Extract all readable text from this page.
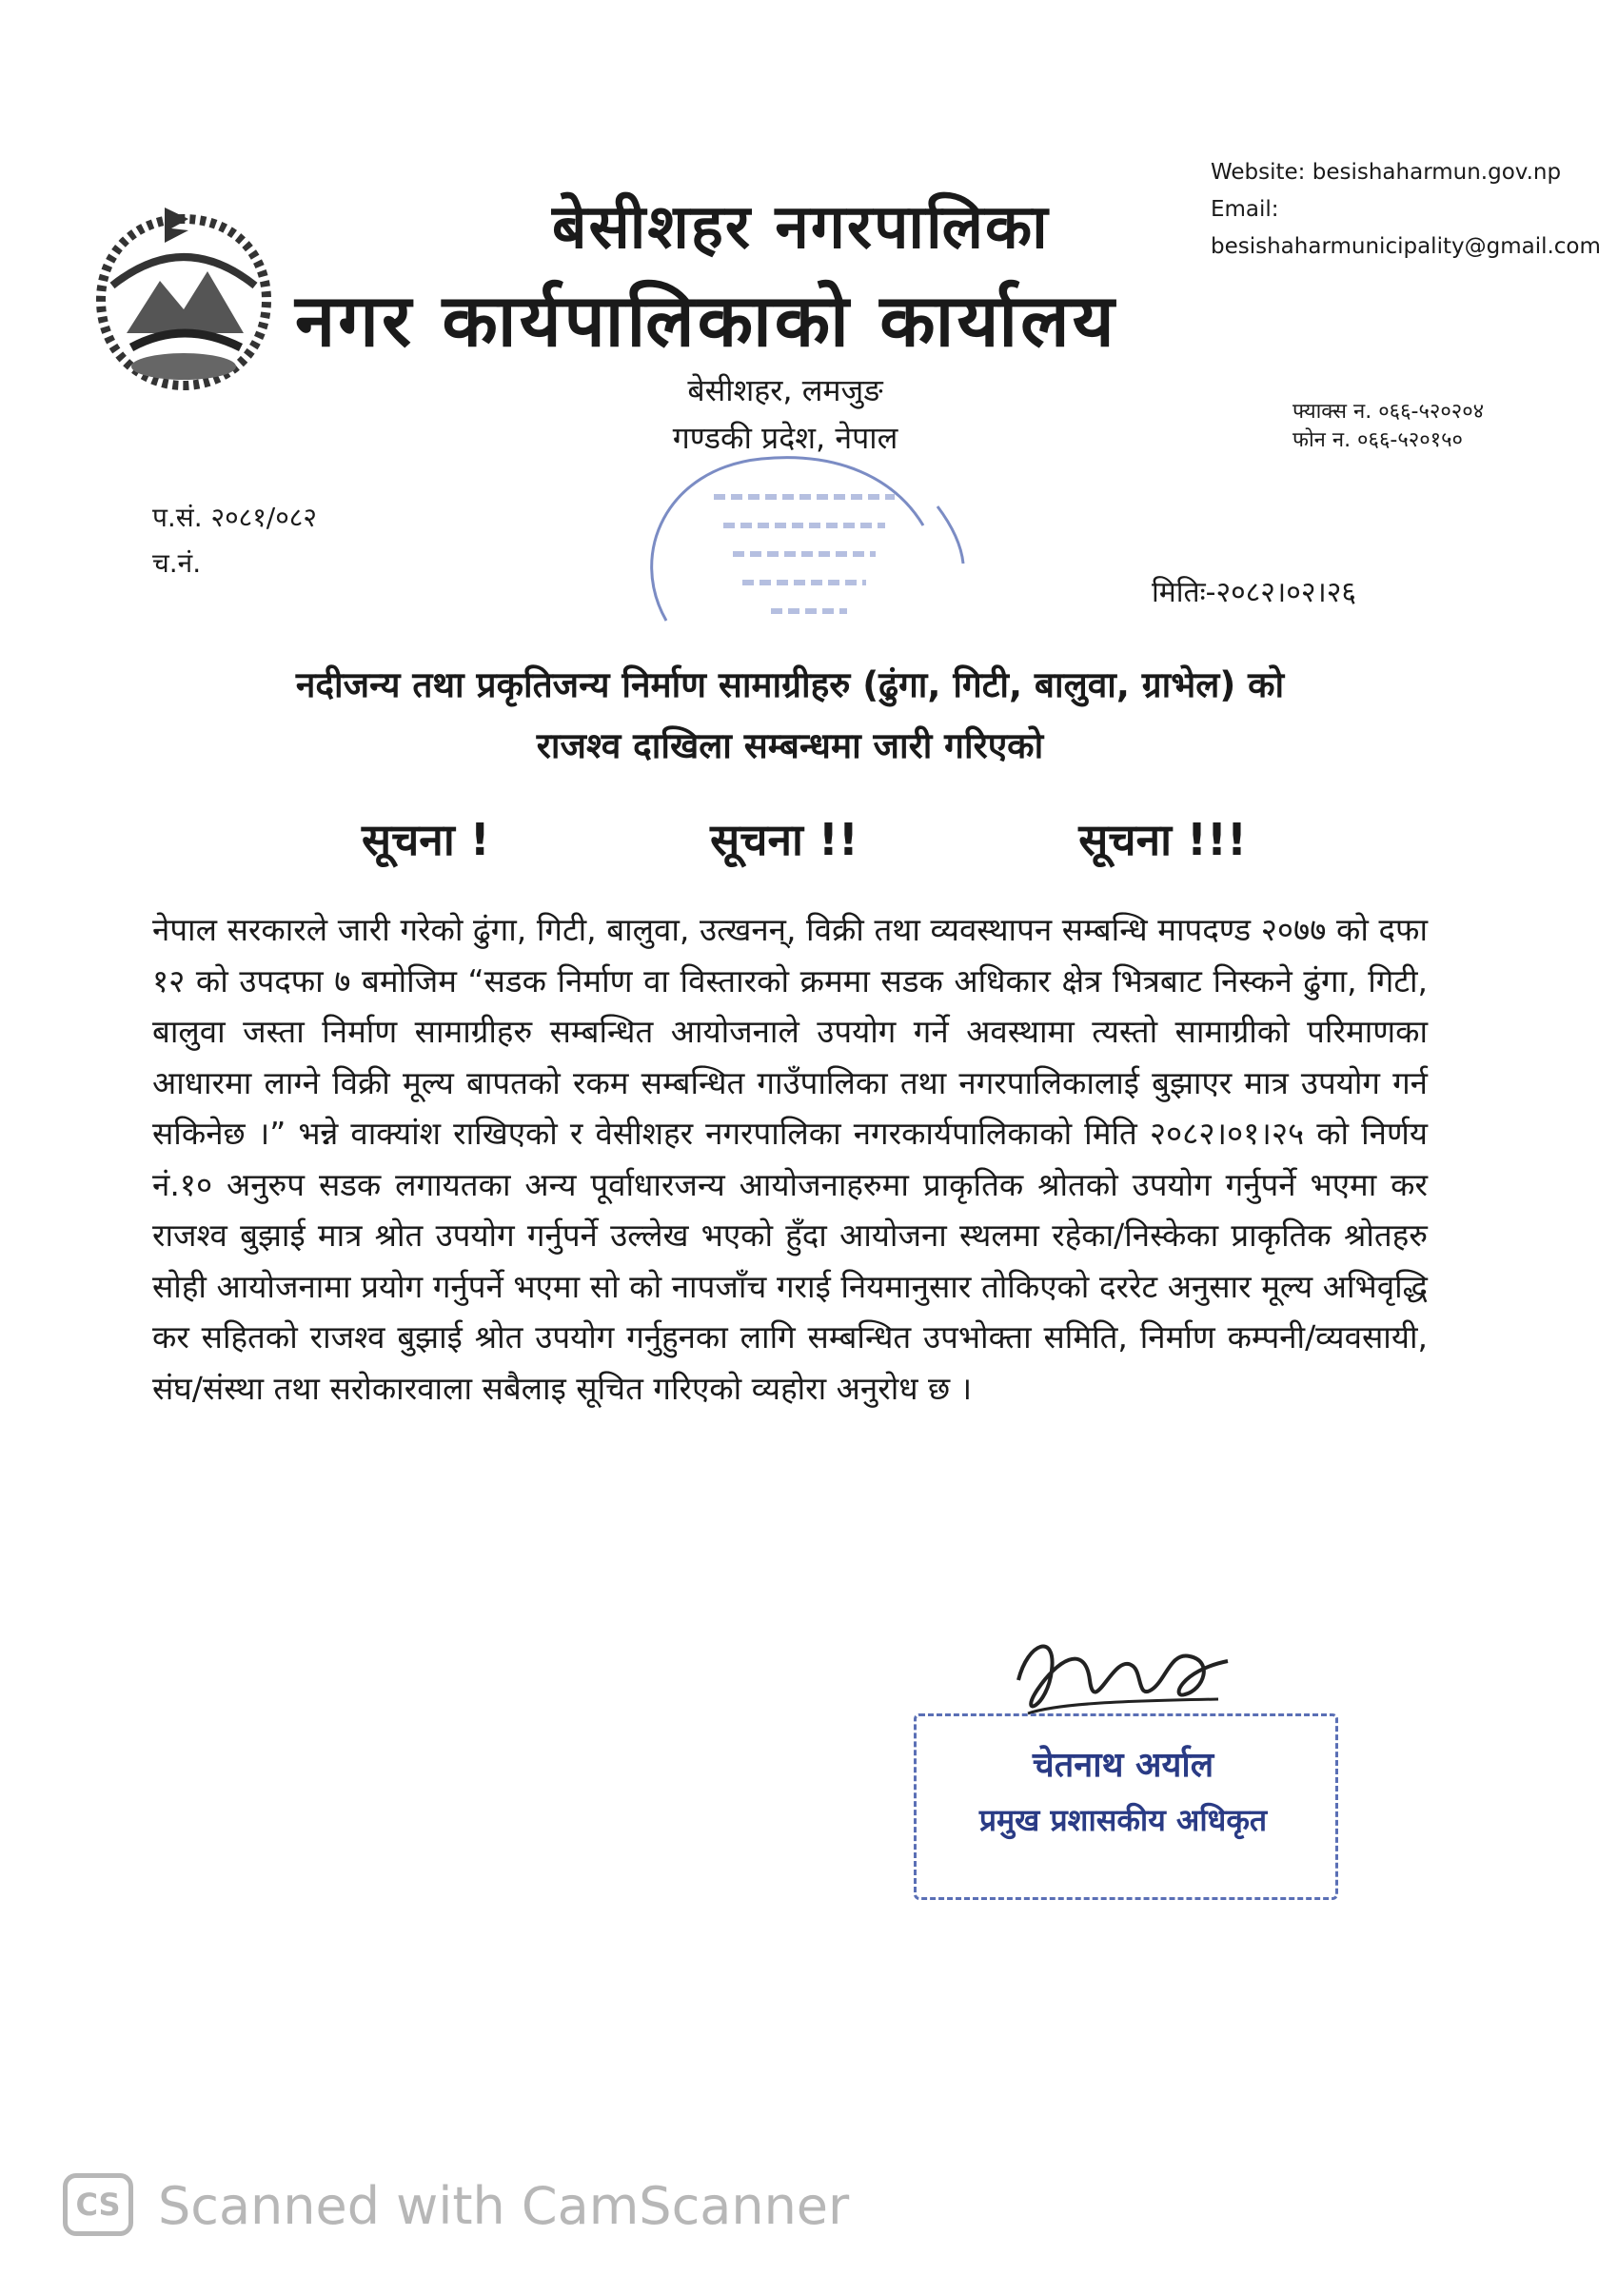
बेसीशहर नगरपालिका
नगर कार्यपालिकाको कार्यालय
Website: besishaharmun.gov.np
Email:
besishaharmunicipality@gmail.com
बेसीशहर, लमजुङ
गण्डकी प्रदेश, नेपाल
फ्याक्स न. ०६६-५२०२०४
फोन न. ०६६-५२०१५०
प.सं. २०८१/०८२
च.नं.
मितिः-२०८२।०२।२६
नदीजन्य तथा प्रकृतिजन्य निर्माण सामाग्रीहरु (ढुंगा, गिटी, बालुवा, ग्राभेल) को
राजश्व दाखिला सम्बन्धमा जारी गरिएको
सूचना !	सूचना !!	सूचना !!!
नेपाल सरकारले जारी गरेको ढुंगा, गिटी, बालुवा, उत्खनन्, विक्री तथा व्यवस्थापन सम्बन्धि मापदण्ड २०७७ को दफा १२ को उपदफा ७ बमोजिम “सडक निर्माण वा विस्तारको क्रममा सडक अधिकार क्षेत्र भित्रबाट निस्कने ढुंगा, गिटी, बालुवा जस्ता निर्माण सामाग्रीहरु सम्बन्धित आयोजनाले उपयोग गर्ने अवस्थामा त्यस्तो सामाग्रीको परिमाणका आधारमा लाग्ने विक्री मूल्य बापतको रकम सम्बन्धित गाउँपालिका तथा नगरपालिकालाई बुझाएर मात्र उपयोग गर्न सकिनेछ ।” भन्ने वाक्यांश राखिएको र वेसीशहर नगरपालिका नगरकार्यपालिकाको मिति २०८२।०१।२५ को निर्णय नं.१० अनुरुप सडक लगायतका अन्य पूर्वाधारजन्य आयोजनाहरुमा प्राकृतिक श्रोतको उपयोग गर्नुपर्ने भएमा कर राजश्व बुझाई मात्र श्रोत उपयोग गर्नुपर्ने उल्लेख भएको हुँदा आयोजना स्थलमा रहेका/निस्केका प्राकृतिक श्रोतहरु सोही आयोजनामा प्रयोग गर्नुपर्ने भएमा सो को नापजाँच गराई नियमानुसार तोकिएको दररेट अनुसार मूल्य अभिवृद्धि कर सहितको राजश्व बुझाई श्रोत उपयोग गर्नुहुनका लागि सम्बन्धित उपभोक्ता समिति, निर्माण कम्पनी/व्यवसायी, संघ/संस्था तथा सरोकारवाला सबैलाइ सूचित गरिएको व्यहोरा अनुरोध छ ।
चेतनाथ अर्याल
प्रमुख प्रशासकीय अधिकृत
CS Scanned with CamScanner
